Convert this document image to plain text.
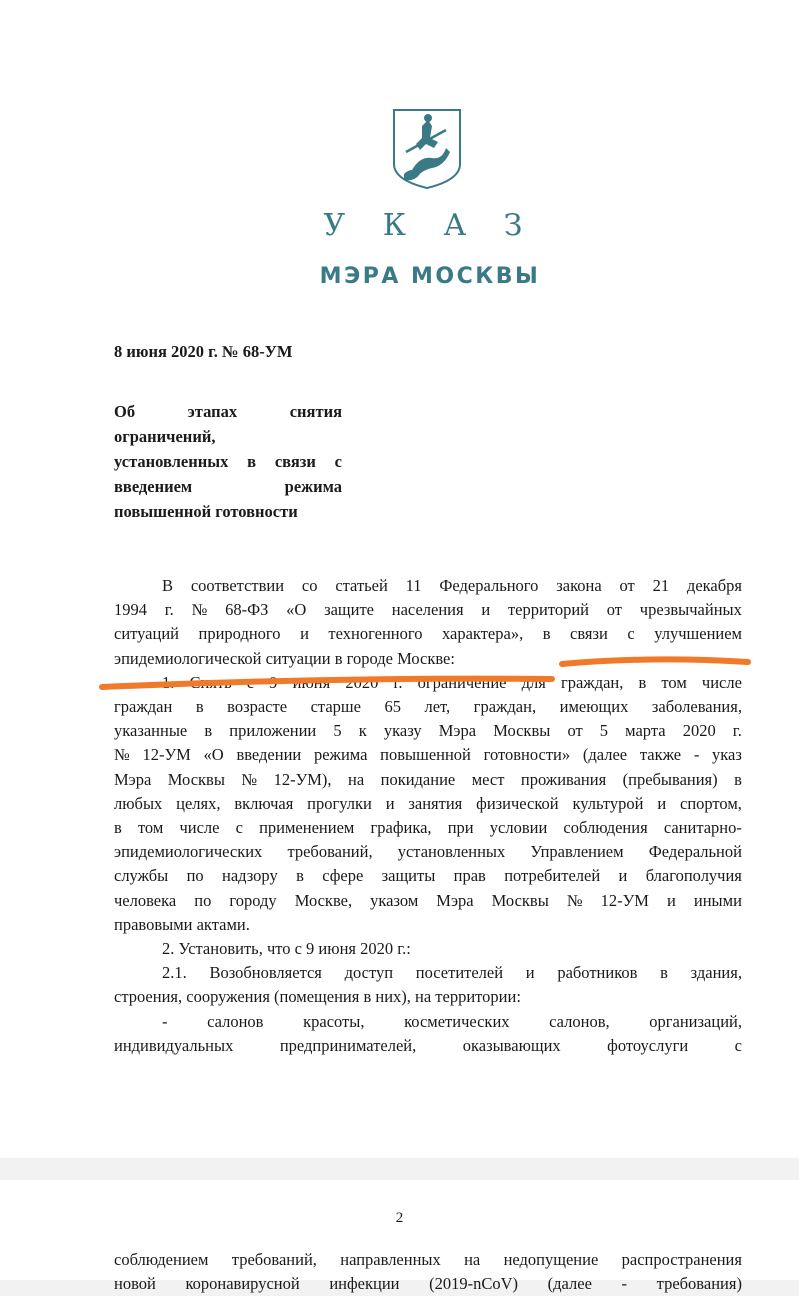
У К А З
МЭРА МОСКВЫ
8 июня 2020 г. № 68-УМ
Об	этапах	снятия
ограничений,
установленных в связи с
введением режима
повышенной готовности
В соответствии со статьей 11 Федерального закона от 21 декабря
1994 г. № 68-ФЗ «О защите населения и территорий от чрезвычайных
ситуаций природного и техногенного характера», в связи с улучшением
эпидемиологической ситуации в городе Москве:
1. Снять с 9 июня 2020 г. ограничение для граждан, в том числе
граждан в возрасте старше 65 лет, граждан, имеющих заболевания,
указанные в приложении 5 к указу Мэра Москвы от 5 марта 2020 г.
№ 12-УМ «О введении режима повышенной готовности» (далее также - указ
Мэра Москвы № 12-УМ), на покидание мест проживания (пребывания) в
любых целях, включая прогулки и занятия физической культурой и спортом,
в том числе с применением графика, при условии соблюдения санитарно-
эпидемиологических требований, установленных Управлением Федеральной
службы по надзору в сфере защиты прав потребителей и благополучия
человека по городу Москве, указом Мэра Москвы № 12-УМ и иными
правовыми актами.
2. Установить, что с 9 июня 2020 г.:
2.1. Возобновляется доступ посетителей и работников в здания,
строения, сооружения (помещения в них), на территории:
- салонов красоты, косметических салонов, организаций,
индивидуальных	предпринимателей,	оказывающих	фотоуслуги	с
2
соблюдением требований, направленных на недопущение распространения
новой коронавирусной инфекции (2019-nCoV) (далее - требования)
